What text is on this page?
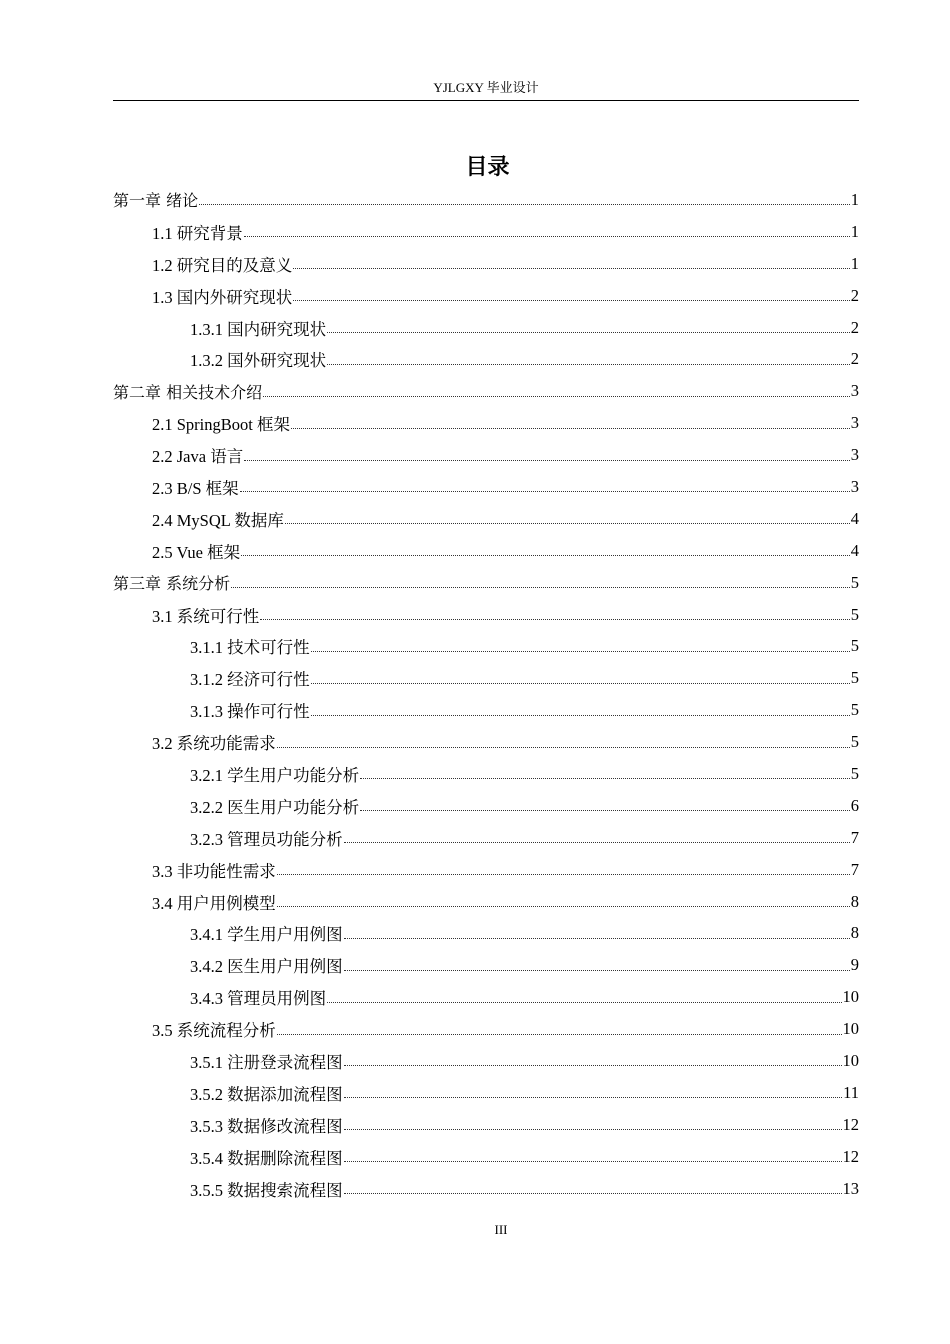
YJLGXY 毕业设计
目录
第一章 绪论	1
1.1 研究背景	1
1.2 研究目的及意义	1
1.3 国内外研究现状	2
1.3.1 国内研究现状	2
1.3.2 国外研究现状	2
第二章 相关技术介绍	3
2.1 SpringBoot 框架	3
2.2 Java 语言	3
2.3 B/S 框架	3
2.4 MySQL 数据库	4
2.5 Vue 框架	4
第三章 系统分析	5
3.1 系统可行性	5
3.1.1 技术可行性	5
3.1.2 经济可行性	5
3.1.3 操作可行性	5
3.2 系统功能需求	5
3.2.1 学生用户功能分析	5
3.2.2 医生用户功能分析	6
3.2.3 管理员功能分析	7
3.3 非功能性需求	7
3.4 用户用例模型	8
3.4.1 学生用户用例图	8
3.4.2 医生用户用例图	9
3.4.3 管理员用例图	10
3.5 系统流程分析	10
3.5.1 注册登录流程图	10
3.5.2 数据添加流程图	11
3.5.3 数据修改流程图	12
3.5.4 数据删除流程图	12
3.5.5 数据搜索流程图	13
III
